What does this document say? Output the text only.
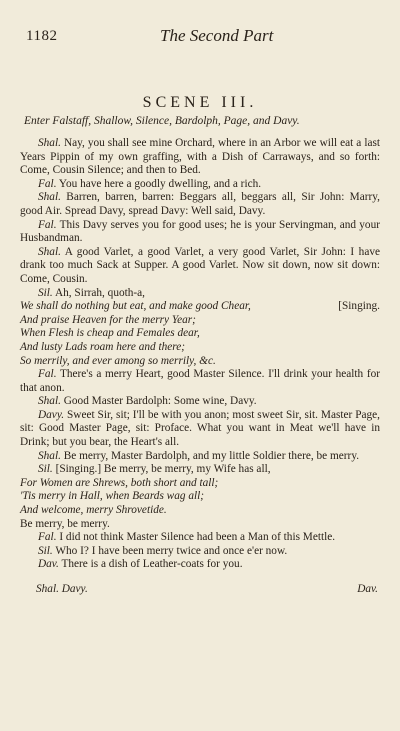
1182	The Second Part
SCENE III.
Enter Falstaff, Shallow, Silence, Bardolph, Page, and Davy.

Shal. Nay, you shall see mine Orchard, where in an Arbor we will eat a last Years Pippin of my own graffing, with a Dish of Carraways, and so forth: Come, Cousin Silence; and then to Bed.

Fal. You have here a goodly dwelling, and a rich.

Shal. Barren, barren, barren: Beggars all, beggars all, Sir John: Marry, good Air. Spread Davy, spread Davy: Well said, Davy.

Fal. This Davy serves you for good uses; he is your Servingman, and your Husbandman.

Shal. A good Varlet, a good Varlet, a very good Varlet, Sir John: I have drank too much Sack at Supper. A good Varlet. Now sit down, now sit down: Come, Cousin.

Sil. Ah, Sirrah, quoth-a,

[Singing.
We shall do nothing but eat, and make good Chear,

And praise Heaven for the merry Year;

When Flesh is cheap and Females dear,

And lusty Lads roam here and there;

So merrily, and ever among so merrily, &c.

Fal. There's a merry Heart, good Master Silence. I'll drink your health for that anon.

Shal. Good Master Bardolph: Some wine, Davy.

Davy. Sweet Sir, sit; I'll be with you anon; most sweet Sir, sit. Master Page, sit: Good Master Page, sit: Proface. What you want in Meat we'll have in Drink; but you bear, the Heart's all.

Shal. Be merry, Master Bardolph, and my little Soldier there, be merry.

Sil. [Singing.] Be merry, be merry, my Wife has all,

For Women are Shrews, both short and tall;

'Tis merry in Hall, when Beards wag all;

And welcome, merry Shrovetide.

Be merry, be merry.

Fal. I did not think Master Silence had been a Man of this Mettle.

Sil. Who I? I have been merry twice and once e'er now.

Dav. There is a dish of Leather-coats for you.

Shal. Davy.	Dav.
